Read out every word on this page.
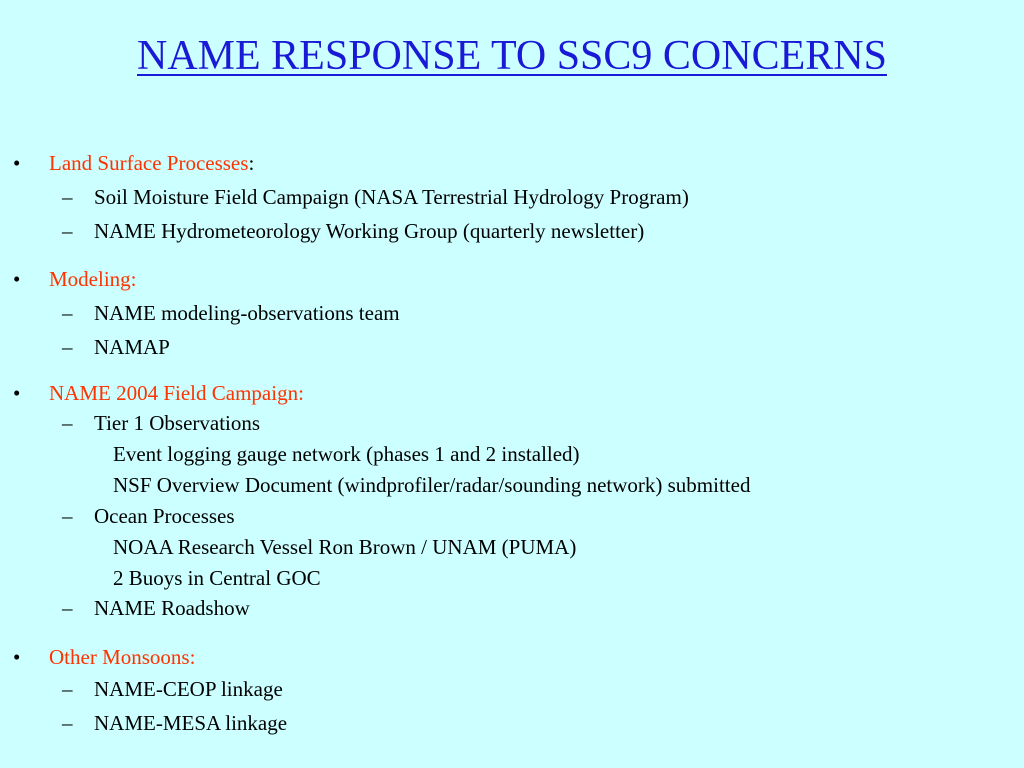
NAME RESPONSE TO SSC9 CONCERNS
• Land Surface Processes:
– Soil Moisture Field Campaign (NASA Terrestrial Hydrology Program)
– NAME Hydrometeorology Working Group (quarterly newsletter)
• Modeling:
– NAME modeling-observations team
– NAMAP
• NAME 2004 Field Campaign:
– Tier 1 Observations
Event logging gauge network (phases 1 and 2 installed)
NSF Overview Document (windprofiler/radar/sounding network) submitted
– Ocean Processes
NOAA Research Vessel Ron Brown / UNAM (PUMA)
2 Buoys in Central GOC
– NAME Roadshow
• Other Monsoons:
– NAME-CEOP linkage
– NAME-MESA linkage
